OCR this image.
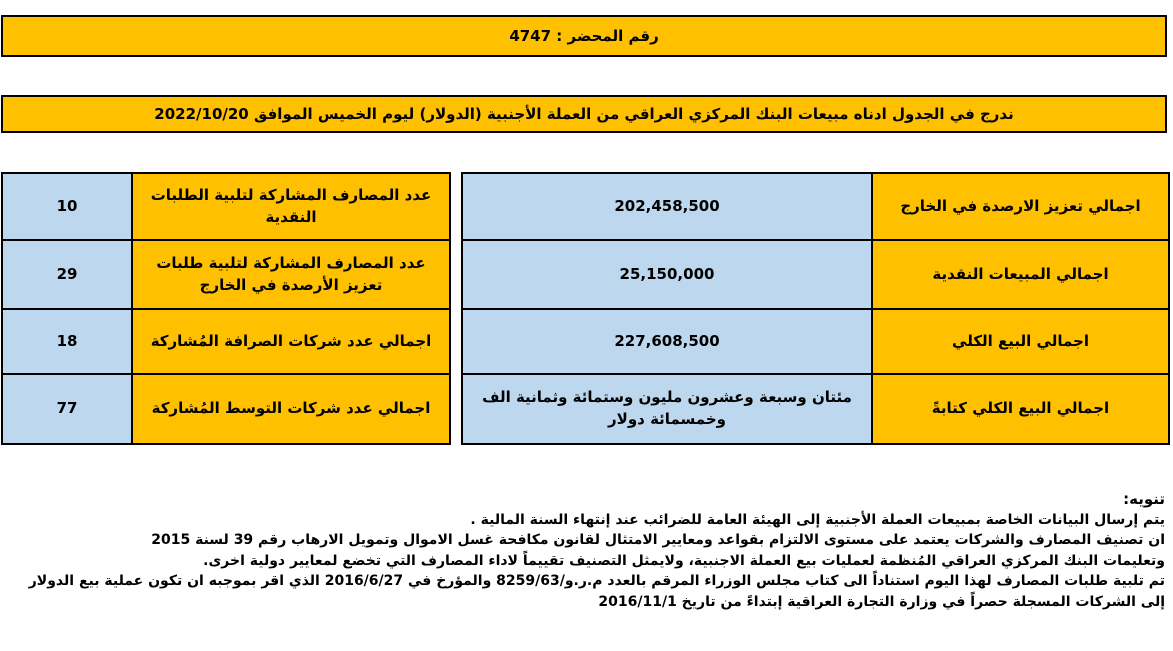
رقم المحضر : 4747
ندرج في الجدول ادناه مبيعات البنك المركزي العراقي من العملة الأجنبية (الدولار) ليوم الخميس الموافق 2022/10/20
202,458,500	اجمالي تعزيز الارصدة في الخارج
25,150,000	اجمالي المبيعات النقدية
227,608,500	اجمالي البيع الكلي
مئتان وسبعة وعشرون مليون وستمائة وثمانية الف وخمسمائة دولار	اجمالي البيع الكلي كتابةً
10	عدد المصارف المشاركة لتلبية الطلبات النقدية
29	عدد المصارف المشاركة لتلبية طلبات تعزيز الأرصدة في الخارج
18	اجمالي عدد شركات الصرافة المُشاركة
77	اجمالي عدد شركات التوسط المُشاركة
تنويه:
يتم إرسال البيانات الخاصة بمبيعات العملة الأجنبية إلى الهيئة العامة للضرائب عند إنتهاء السنة المالية .
ان تصنيف المصارف والشركات يعتمد على مستوى الالتزام بقواعد ومعايير الامتثال لقانون مكافحة غسل الاموال وتمويل الارهاب رقم 39 لسنة 2015
وتعليمات البنك المركزي العراقي المُنظمة لعمليات بيع العملة الاجنبية، ولايمثل التصنيف تقييماً لاداء المصارف التي تخضع لمعايير دولية اخرى.
تم تلبية طلبات المصارف لهذا اليوم استناداً الى كتاب مجلس الوزراء المرقم بالعدد م.ر.و/8259/63 والمؤرخ في 2016/6/27 الذي اقر بموجبه ان تكون عملية بيع الدولار
إلى الشركات المسجلة حصراً في وزارة التجارة العراقية إبتداءً من تاريخ 2016/11/1
